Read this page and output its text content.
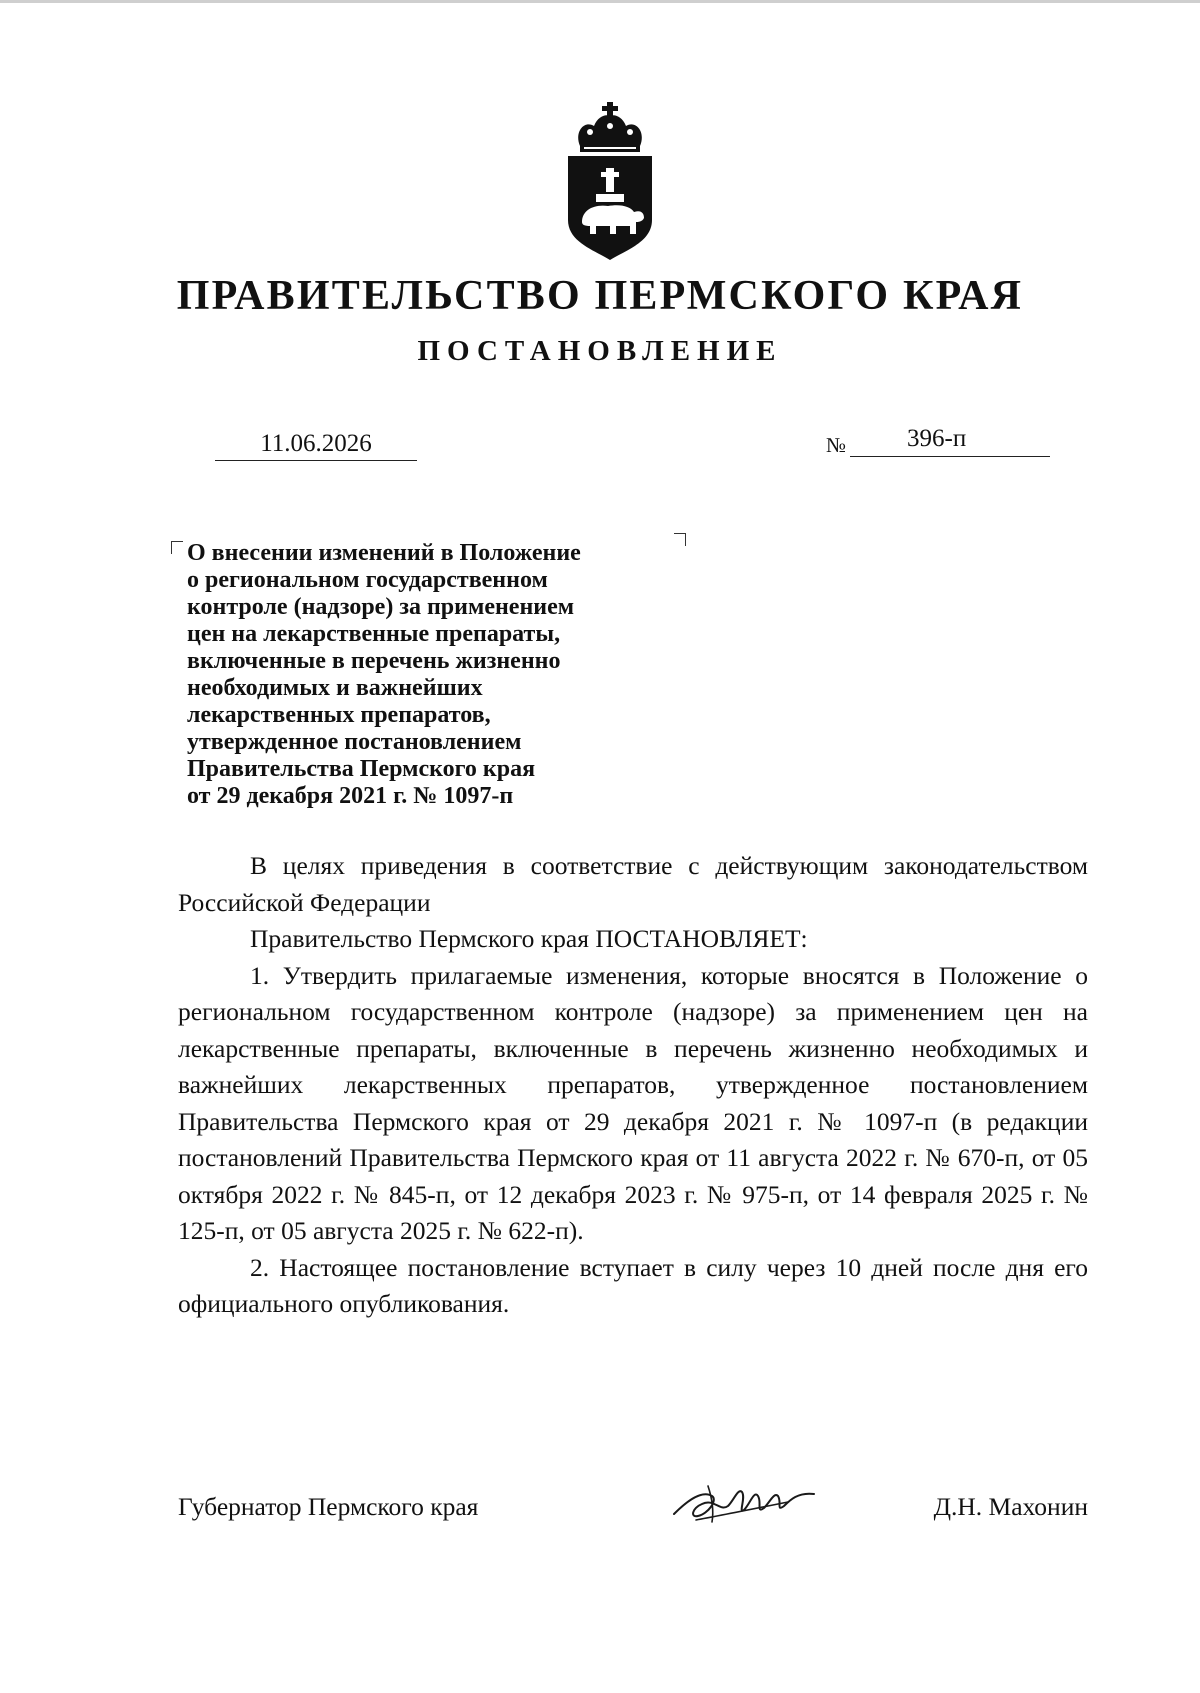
ПРАВИТЕЛЬСТВО ПЕРМСКОГО КРАЯ
ПОСТАНОВЛЕНИЕ
11.06.2026	№	396-п

О внесении изменений в Положение
о региональном государственном
контроле (надзоре) за применением
цен на лекарственные препараты,
включенные в перечень жизненно
необходимых и важнейших
лекарственных препаратов,
утвержденное постановлением
Правительства Пермского края
от 29 декабря 2021 г. № 1097-п

В целях приведения в соответствие с действующим законодательством Российской Федерации

Правительство Пермского края ПОСТАНОВЛЯЕТ:

1. Утвердить прилагаемые изменения, которые вносятся в Положение о региональном государственном контроле (надзоре) за применением цен на лекарственные препараты, включенные в перечень жизненно необходимых и важнейших лекарственных препаратов, утвержденное постановлением Правительства Пермского края от 29 декабря 2021 г. № 1097-п (в редакции постановлений Правительства Пермского края от 11 августа 2022 г. № 670-п, от 05 октября 2022 г. № 845-п, от 12 декабря 2023 г. № 975-п, от 14 февраля 2025 г. № 125-п, от 05 августа 2025 г. № 622-п).

2. Настоящее постановление вступает в силу через 10 дней после дня его официального опубликования.

Губернатор Пермского края	Д.Н. Махонин
